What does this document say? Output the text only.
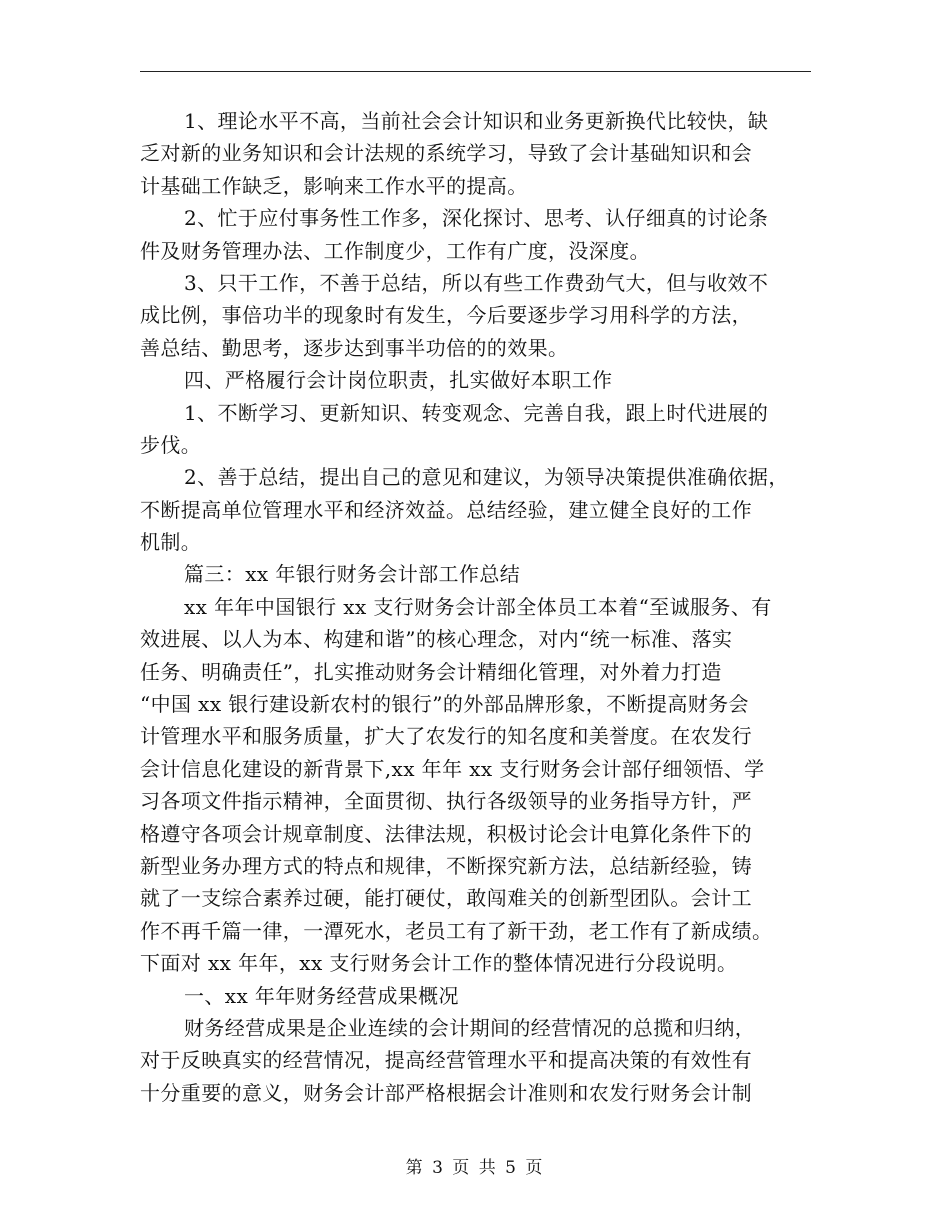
1、理论水平不高，当前社会会计知识和业务更新换代比较快，缺
乏对新的业务知识和会计法规的系统学习，导致了会计基础知识和会
计基础工作缺乏，影响来工作水平的提高。
2、忙于应付事务性工作多，深化探讨、思考、认仔细真的讨论条
件及财务管理办法、工作制度少，工作有广度，没深度。
3、只干工作，不善于总结，所以有些工作费劲气大，但与收效不
成比例，事倍功半的现象时有发生，今后要逐步学习用科学的方法，
善总结、勤思考，逐步达到事半功倍的的效果。
四、严格履行会计岗位职责，扎实做好本职工作
1、不断学习、更新知识、转变观念、完善自我，跟上时代进展的
步伐。
2、善于总结，提出自己的意见和建议，为领导决策提供准确依据，
不断提高单位管理水平和经济效益。总结经验，建立健全良好的工作
机制。
篇三：xx 年银行财务会计部工作总结
xx 年年中国银行 xx 支行财务会计部全体员工本着“至诚服务、有
效进展、以人为本、构建和谐”的核心理念，对内“统一标准、落实
任务、明确责任”，扎实推动财务会计精细化管理，对外着力打造
“中国 xx 银行建设新农村的银行”的外部品牌形象，不断提高财务会
计管理水平和服务质量，扩大了农发行的知名度和美誉度。在农发行
会计信息化建设的新背景下,xx 年年 xx 支行财务会计部仔细领悟、学
习各项文件指示精神，全面贯彻、执行各级领导的业务指导方针，严
格遵守各项会计规章制度、法律法规，积极讨论会计电算化条件下的
新型业务办理方式的特点和规律，不断探究新方法，总结新经验，铸
就了一支综合素养过硬，能打硬仗，敢闯难关的创新型团队。会计工
作不再千篇一律，一潭死水，老员工有了新干劲，老工作有了新成绩。
下面对 xx 年年，xx 支行财务会计工作的整体情况进行分段说明。
一、xx 年年财务经营成果概况
财务经营成果是企业连续的会计期间的经营情况的总揽和归纳，
对于反映真实的经营情况，提高经营管理水平和提高决策的有效性有
十分重要的意义，财务会计部严格根据会计准则和农发行财务会计制
第 3 页 共 5 页
